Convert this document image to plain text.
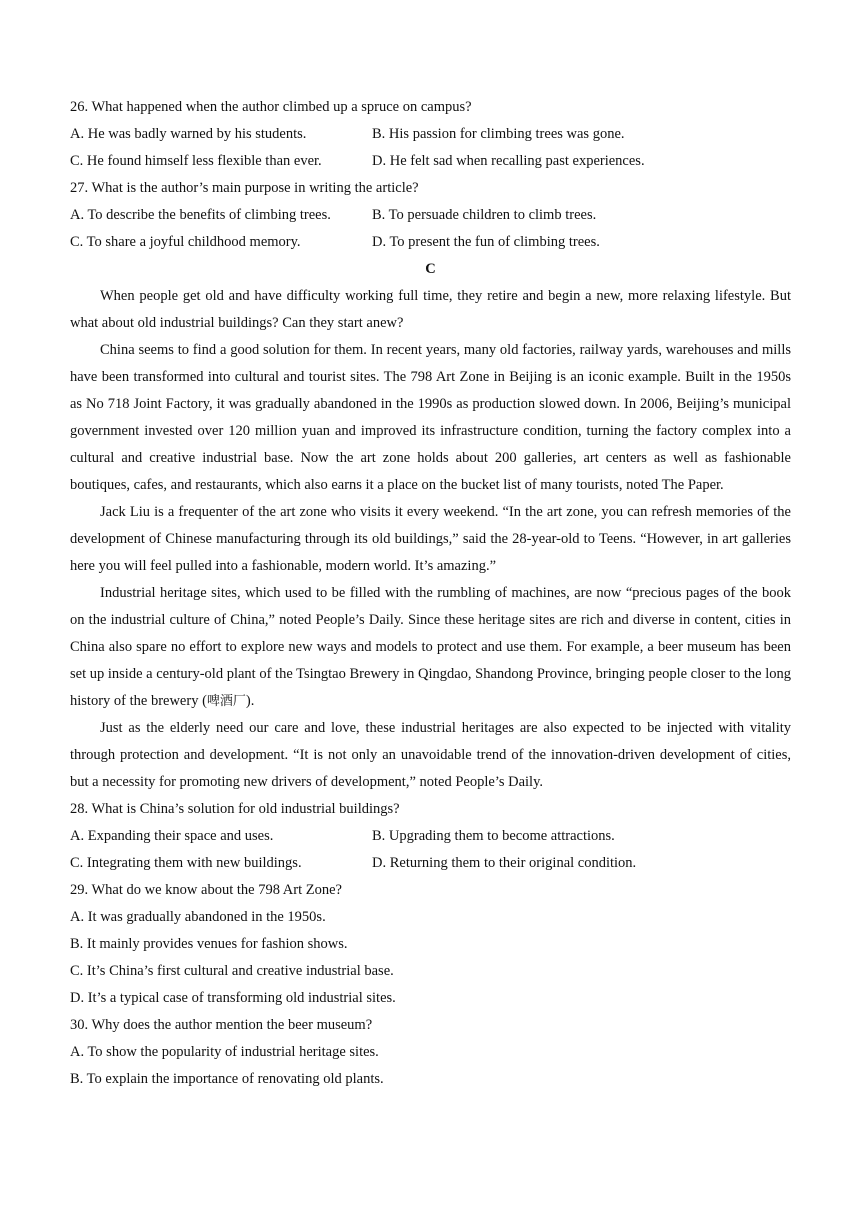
26. What happened when the author climbed up a spruce on campus?
A. He was badly warned by his students.	B. His passion for climbing trees was gone.
C. He found himself less flexible than ever.	D. He felt sad when recalling past experiences.
27. What is the author’s main purpose in writing the article?
A. To describe the benefits of climbing trees.	B. To persuade children to climb trees.
C. To share a joyful childhood memory.	D. To present the fun of climbing trees.
C

When people get old and have difficulty working full time, they retire and begin a new, more relaxing lifestyle. But what about old industrial buildings? Can they start anew?

China seems to find a good solution for them. In recent years, many old factories, railway yards, warehouses and mills have been transformed into cultural and tourist sites. The 798 Art Zone in Beijing is an iconic example. Built in the 1950s as No 718 Joint Factory, it was gradually abandoned in the 1990s as production slowed down. In 2006, Beijing’s municipal government invested over 120 million yuan and improved its infrastructure condition, turning the factory complex into a cultural and creative industrial base. Now the art zone holds about 200 galleries, art centers as well as fashionable boutiques, cafes, and restaurants, which also earns it a place on the bucket list of many tourists, noted The Paper.

Jack Liu is a frequenter of the art zone who visits it every weekend. “In the art zone, you can refresh memories of the development of Chinese manufacturing through its old buildings,” said the 28-year-old to Teens. “However, in art galleries here you will feel pulled into a fashionable, modern world. It’s amazing.”

Industrial heritage sites, which used to be filled with the rumbling of machines, are now “precious pages of the book on the industrial culture of China,” noted People’s Daily. Since these heritage sites are rich and diverse in content, cities in China also spare no effort to explore new ways and models to protect and use them. For example, a beer museum has been set up inside a century-old plant of the Tsingtao Brewery in Qingdao, Shandong Province, bringing people closer to the long history of the brewery (啤酒厂).

Just as the elderly need our care and love, these industrial heritages are also expected to be injected with vitality through protection and development. “It is not only an unavoidable trend of the innovation-driven development of cities, but a necessity for promoting new drivers of development,” noted People’s Daily.

28. What is China’s solution for old industrial buildings?
A. Expanding their space and uses.	B. Upgrading them to become attractions.
C. Integrating them with new buildings.	D. Returning them to their original condition.
29. What do we know about the 798 Art Zone?
A. It was gradually abandoned in the 1950s.
B. It mainly provides venues for fashion shows.
C. It’s China’s first cultural and creative industrial base.
D. It’s a typical case of transforming old industrial sites.
30. Why does the author mention the beer museum?
A. To show the popularity of industrial heritage sites.
B. To explain the importance of renovating old plants.
